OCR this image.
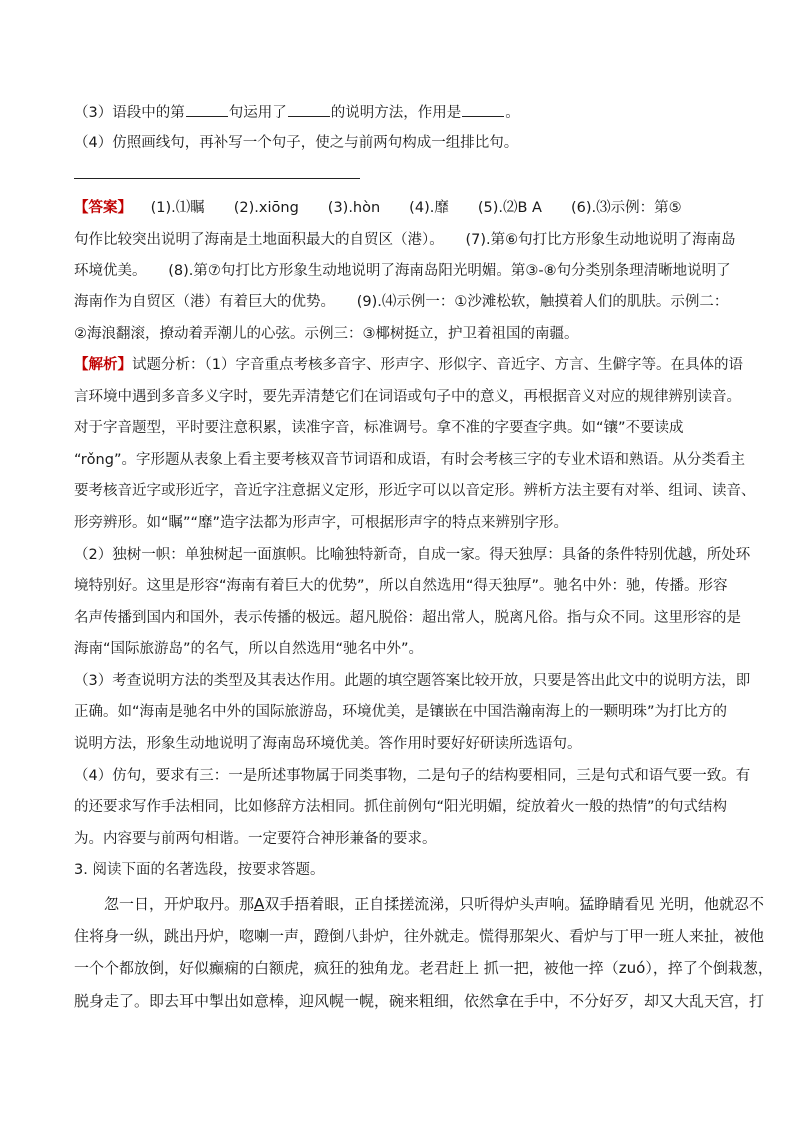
（3）语段中的第	句运用了	的说明方法，作用是	。
（4）仿照画线句，再补写一个句子，使之与前两句构成一组排比句。
【答案】 (1).⑴瞩　　(2).xiōng　　(3).hòn　　(4).靡　　(5).⑵B A　　(6).⑶示例：第⑤
句作比较突出说明了海南是土地面积最大的自贸区（港）。　　(7).第⑥句打比方形象生动地说明了海南岛
环境优美。　　(8).第⑦句打比方形象生动地说明了海南岛阳光明媚。第③-⑧句分类别条理清晰地说明了
海南作为自贸区（港）有着巨大的优势。　　(9).⑷示例一：①沙滩松软，触摸着人们的肌肤。示例二：
②海浪翻滚，撩动着弄潮儿的心弦。示例三：③椰树挺立，护卫着祖国的南疆。
【解析】试题分析：（1）字音重点考核多音字、形声字、形似字、音近字、方言、生僻字等。在具体的语
言环境中遇到多音多义字时，要先弄清楚它们在词语或句子中的意义，再根据音义对应的规律辨别读音。
对于字音题型，平时要注意积累，读准字音，标准调号。拿不准的字要查字典。如“镶”不要读成
“rǒng”。字形题从表象上看主要考核双音节词语和成语，有时会考核三字的专业术语和熟语。从分类看主
要考核音近字或形近字，音近字注意据义定形，形近字可以以音定形。辨析方法主要有对举、组词、读音、
形旁辨形。如“瞩”“靡”造字法都为形声字，可根据形声字的特点来辨别字形。
（2）独树一帜：单独树起一面旗帜。比喻独特新奇，自成一家。得天独厚：具备的条件特别优越，所处环
境特别好。这里是形容“海南有着巨大的优势”，所以自然选用“得天独厚”。驰名中外：驰，传播。形容
名声传播到国内和国外，表示传播的极远。超凡脱俗：超出常人，脱离凡俗。指与众不同。这里形容的是
海南“国际旅游岛”的名气，所以自然选用“驰名中外”。
（3）考查说明方法的类型及其表达作用。此题的填空题答案比较开放，只要是答出此文中的说明方法，即
正确。如“海南是驰名中外的国际旅游岛，环境优美，是镶嵌在中国浩瀚南海上的一颗明珠”为打比方的
说明方法，形象生动地说明了海南岛环境优美。答作用时要好好研读所选语句。
（4）仿句，要求有三：一是所述事物属于同类事物，二是句子的结构要相同，三是句式和语气要一致。有
的还要求写作手法相同，比如修辞方法相同。抓住前例句“阳光明媚，绽放着火一般的热情”的句式结构
为。内容要与前两句相谐。一定要符合神形兼备的要求。
3. 阅读下面的名著选段，按要求答题。
忽一日，开炉取丹。那A双手捂着眼，正自揉搓流涕，只听得炉头声响。猛睁睛看见 光明，他就忍不
住将身一纵，跳出丹炉，唿喇一声，蹬倒八卦炉，往外就走。慌得那架火、看炉与丁甲一班人来扯，被他
一个个都放倒，好似癫痫的白额虎，疯狂的独角龙。老君赶上 抓一把，被他一捽（zuó），捽了个倒栽葱，
脱身走了。即去耳中掣出如意棒，迎风幌一幌，碗来粗细，依然拿在手中，不分好歹，却又大乱天宫，打
